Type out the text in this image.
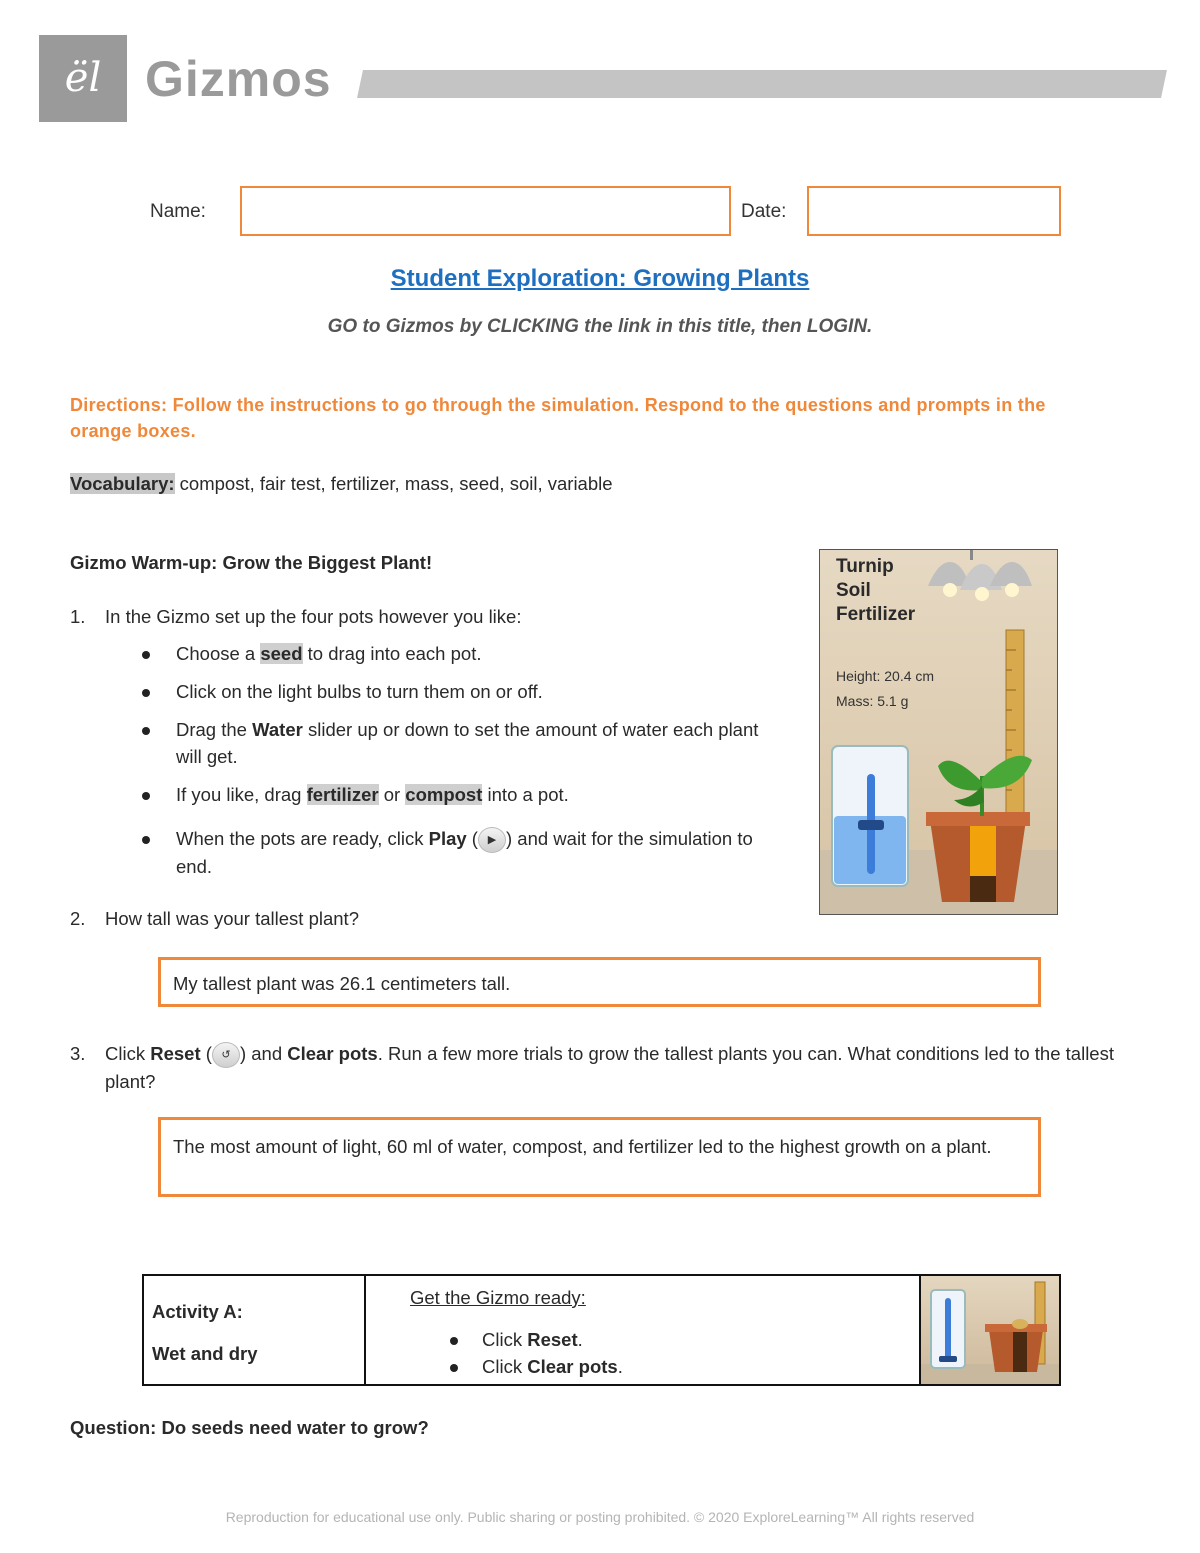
ël Gizmos
Name:	Date:
Student Exploration: Growing Plants
GO to Gizmos by CLICKING the link in this title, then LOGIN.
Directions: Follow the instructions to go through the simulation. Respond to the questions and prompts in the orange boxes.
Vocabulary: compost, fair test, fertilizer, mass, seed, soil, variable
Gizmo Warm-up: Grow the Biggest Plant!
1. In the Gizmo set up the four pots however you like:
Choose a seed to drag into each pot.
Click on the light bulbs to turn them on or off.
Drag the Water slider up or down to set the amount of water each plant will get.
If you like, drag fertilizer or compost into a pot.
When the pots are ready, click Play ( ▶ ) and wait for the simulation to end.
Turnip
Soil
Fertilizer
Height: 20.4 cm
Mass: 5.1 g
2. How tall was your tallest plant?
My tallest plant was 26.1 centimeters tall.
3. Click Reset ( ↺ ) and Clear pots. Run a few more trials to grow the tallest plants you can. What conditions led to the tallest plant?
The most amount of light, 60 ml of water, compost, and fertilizer led to the highest growth on a plant.
Activity A:
Wet and dry
Get the Gizmo ready:
Click Reset.
Click Clear pots.
Question: Do seeds need water to grow?
Reproduction for educational use only. Public sharing or posting prohibited. © 2020 ExploreLearning™ All rights reserved
